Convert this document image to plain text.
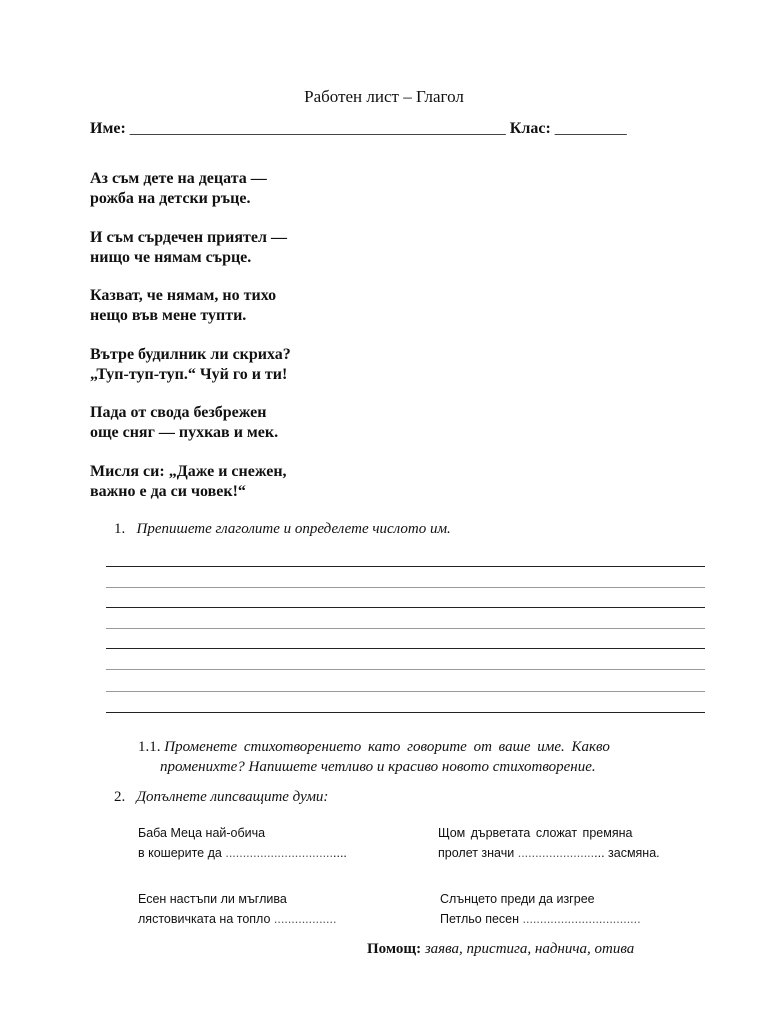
Работен лист – Глагол
Име: _______________________________________________ Клас: _________
Аз съм дете на децата —
рожба на детски ръце.
И съм сърдечен приятел —
нищо че нямам сърце.
Казват, че нямам, но тихо
нещо във мене тупти.
Вътре будилник ли скриха?
„Туп-туп-туп.“ Чуй го и ти!
Пада от свода безбрежен
още сняг — пухкав и мек.
Мисля си: „Даже и снежен,
важно е да си човек!“
1. Препишете глаголите и определете числото им.
1.1. Променете стихотворението като говорите от ваше име. Какво
променихте? Напишете четливо и красиво новото стихотворение.
2. Допълнете липсващите думи:
Баба Меца най-обича
в кошерите да ...................................
Щом дърветата сложат премяна
пролет значи ......................... засмяна.
Есен настъпи ли мъглива
лястовичката на топло ..................
Слънцето преди да изгрее
Петльо песен ..................................
Помощ: заява, пристига, надничa, отива
